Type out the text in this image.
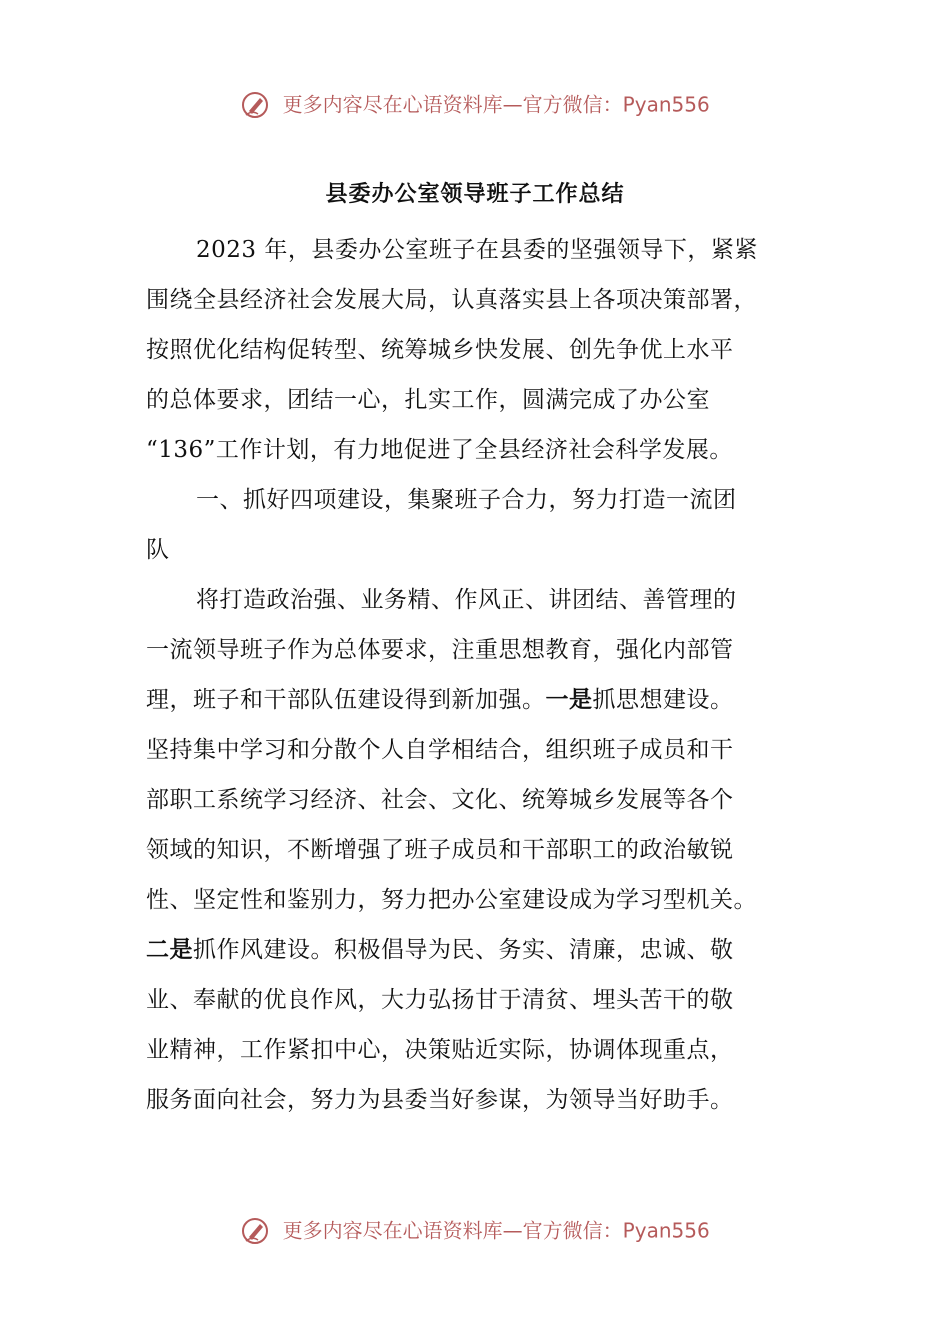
更多内容尽在心语资料库—官方微信：Pyan556
县委办公室领导班子工作总结
2023 年，县委办公室班子在县委的坚强领导下，紧紧
围绕全县经济社会发展大局，认真落实县上各项决策部署，
按照优化结构促转型、统筹城乡快发展、创先争优上水平
的总体要求，团结一心，扎实工作，圆满完成了办公室
“136”工作计划，有力地促进了全县经济社会科学发展。
一、抓好四项建设，集聚班子合力，努力打造一流团
队
将打造政治强、业务精、作风正、讲团结、善管理的
一流领导班子作为总体要求，注重思想教育，强化内部管
理，班子和干部队伍建设得到新加强。一是抓思想建设。
坚持集中学习和分散个人自学相结合，组织班子成员和干
部职工系统学习经济、社会、文化、统筹城乡发展等各个
领域的知识，不断增强了班子成员和干部职工的政治敏锐
性、坚定性和鉴别力，努力把办公室建设成为学习型机关。
二是抓作风建设。积极倡导为民、务实、清廉，忠诚、敬
业、奉献的优良作风，大力弘扬甘于清贫、埋头苦干的敬
业精神，工作紧扣中心，决策贴近实际，协调体现重点，
服务面向社会，努力为县委当好参谋，为领导当好助手。
更多内容尽在心语资料库—官方微信：Pyan556
